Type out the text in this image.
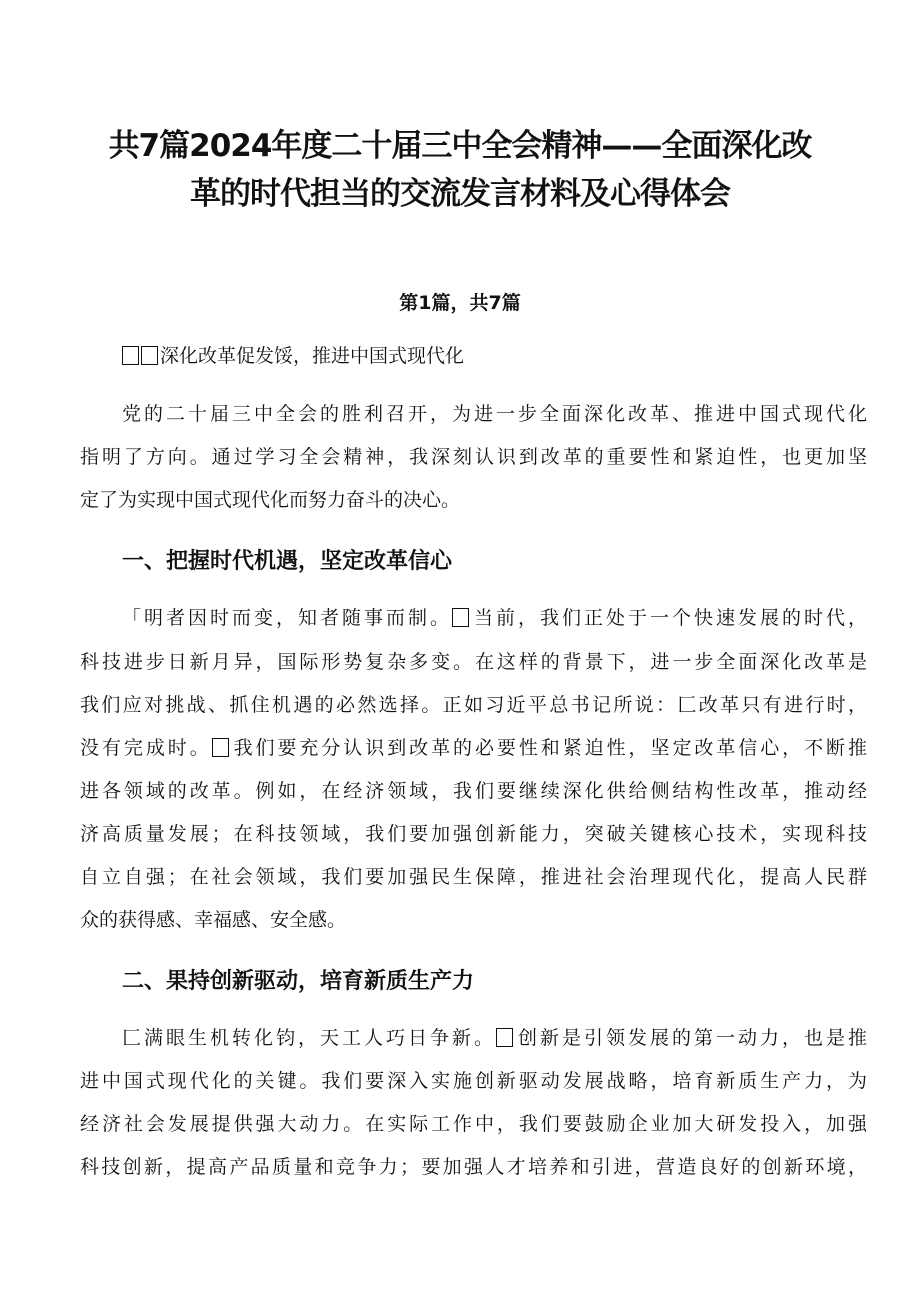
共7篇2024年度二十届三中全会精神——全面深化改
革的时代担当的交流发言材料及心得体会

第1篇，共7篇

深化改革促发馁，推进中国式现代化

党的二十届三中全会的胜利召开，为进一步全面深化改革、推进中国式现代化

指明了方向。通过学习全会精神，我深刻认识到改革的重要性和紧迫性，也更加坚

定了为实现中国式现代化而努力奋斗的决心。

一、把握时代机遇，坚定改革信心

「明者因时而变，知者随事而制。 当前，我们正处于一个快速发展的时代，

科技进步日新月异，国际形势复杂多变。在这样的背景下，进一步全面深化改革是

我们应对挑战、抓住机遇的必然选择。正如习近平总书记所说：匚改革只有进行时，

没有完成时。 我们要充分认识到改革的必要性和紧迫性，坚定改革信心，不断推

进各领域的改革。例如，在经济领域，我们要继续深化供给侧结构性改革，推动经

济高质量发展；在科技领域，我们要加强创新能力，突破关键核心技术，实现科技

自立自强；在社会领域，我们要加强民生保障，推进社会治理现代化，提高人民群

众的获得感、幸福感、安全感。

二、果持创新驱动，培育新质生产力

匚满眼生机转化钧，天工人巧日争新。 创新是引领发展的第一动力，也是推

进中国式现代化的关键。我们要深入实施创新驱动发展战略，培育新质生产力，为

经济社会发展提供强大动力。在实际工作中，我们要鼓励企业加大研发投入，加强

科技创新，提高产品质量和竞争力；要加强人才培养和引进，营造良好的创新环境，
